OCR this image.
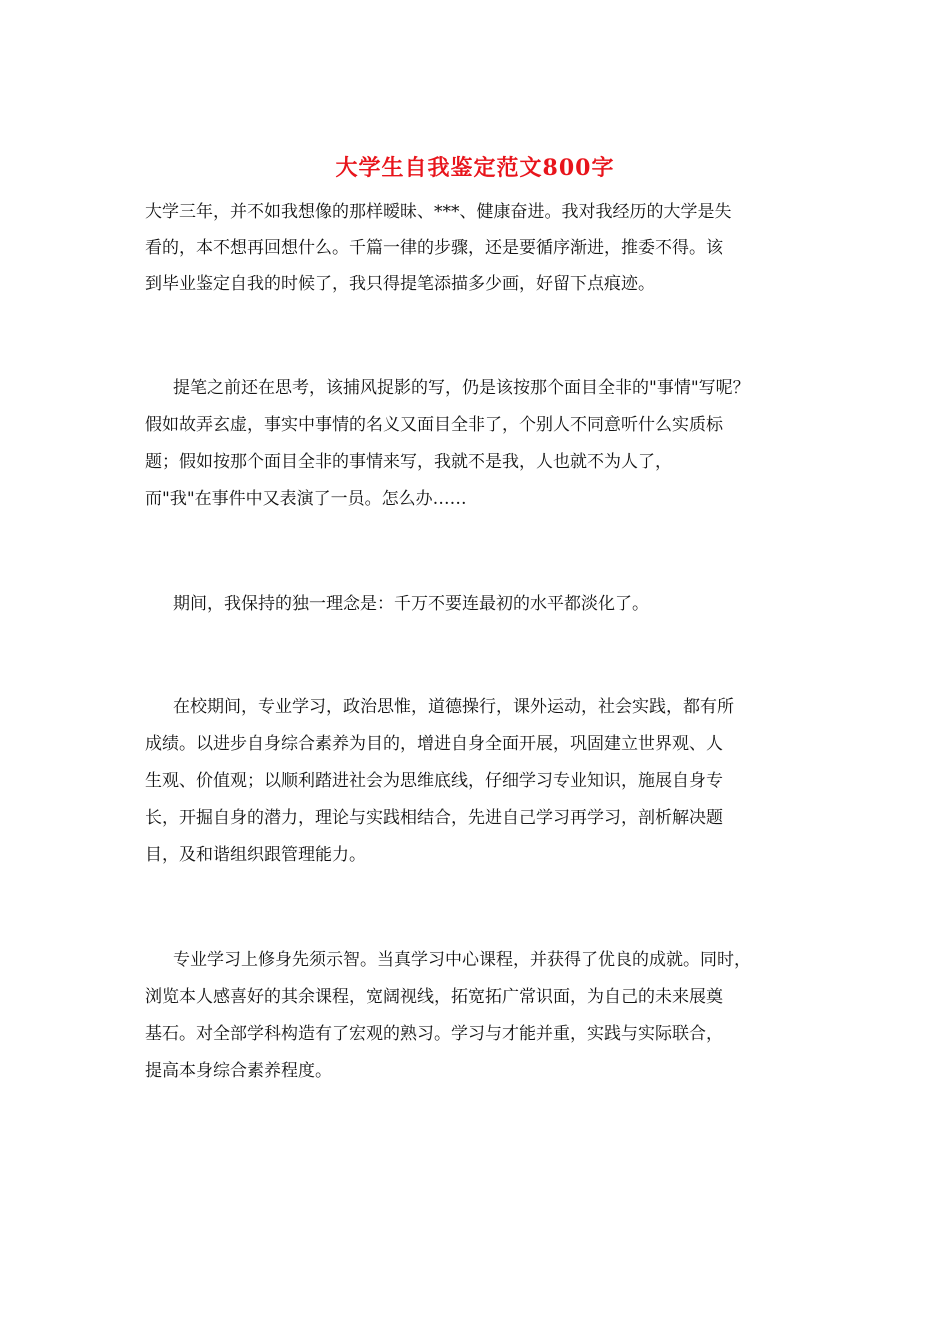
大学生自我鉴定范文800字
大学三年，并不如我想像的那样暧昧、***、健康奋进。我对我经历的大学是失
看的，本不想再回想什么。千篇一律的步骤，还是要循序渐进，推委不得。该
到毕业鉴定自我的时候了，我只得提笔添描多少画，好留下点痕迹。
提笔之前还在思考，该捕风捉影的写，仍是该按那个面目全非的"事情"写呢？
假如故弄玄虚，事实中事情的名义又面目全非了，个别人不同意听什么实质标
题；假如按那个面目全非的事情来写，我就不是我，人也就不为人了，
而"我"在事件中又表演了一员。怎么办……
期间，我保持的独一理念是：千万不要连最初的水平都淡化了。
在校期间，专业学习，政治思惟，道德操行，课外运动，社会实践，都有所
成绩。以进步自身综合素养为目的，增进自身全面开展，巩固建立世界观、人
生观、价值观；以顺利踏进社会为思维底线，仔细学习专业知识，施展自身专
长，开掘自身的潜力，理论与实践相结合，先进自己学习再学习，剖析解决题
目，及和谐组织跟管理能力。
专业学习上修身先须示智。当真学习中心课程，并获得了优良的成就。同时，
浏览本人感喜好的其余课程，宽阔视线，拓宽拓广常识面，为自己的未来展奠
基石。对全部学科构造有了宏观的熟习。学习与才能并重，实践与实际联合，
提高本身综合素养程度。
